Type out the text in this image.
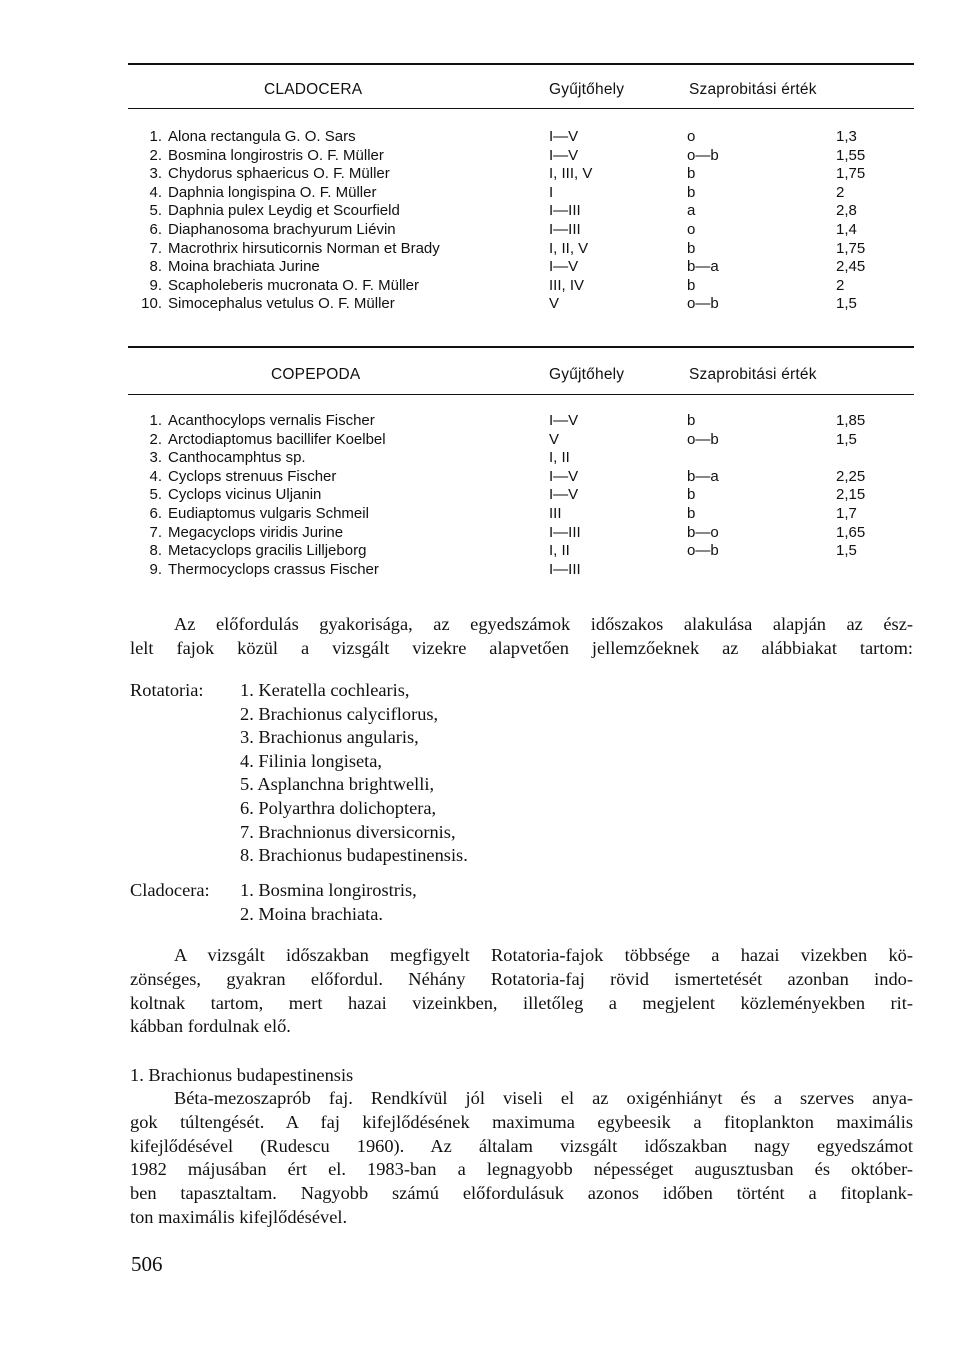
CLADOCERA	Gyűjtőhely	Szaprobitási érték
1. Alona rectangula G. O. Sars	I—V	o	1,3
2. Bosmina longirostris O. F. Müller	I—V	o—b	1,55
3. Chydorus sphaericus O. F. Müller	I, III, V	b	1,75
4. Daphnia longispina O. F. Müller	I	b	2
5. Daphnia pulex Leydig et Scourfield	I—III	a	2,8
6. Diaphanosoma brachyurum Liévin	I—III	o	1,4
7. Macrothrix hirsuticornis Norman et Brady	I, II, V	b	1,75
8. Moina brachiata Jurine	I—V	b—a	2,45
9. Scapholeberis mucronata O. F. Müller	III, IV	b	2
10. Simocephalus vetulus O. F. Müller	V	o—b	1,5
COPEPODA	Gyűjtőhely	Szaprobitási érték
1. Acanthocylops vernalis Fischer	I—V	b	1,85
2. Arctodiaptomus bacillifer Koelbel	V	o—b	1,5
3. Canthocamphtus sp.	I, II
4. Cyclops strenuus Fischer	I—V	b—a	2,25
5. Cyclops vicinus Uljanin	I—V	b	2,15
6. Eudiaptomus vulgaris Schmeil	III	b	1,7
7. Megacyclops viridis Jurine	I—III	b—o	1,65
8. Metacyclops gracilis Lilljeborg	I, II	o—b	1,5
9. Thermocyclops crassus Fischer	I—III
Az előfordulás gyakorisága, az egyedszámok időszakos alakulása alapján az ész-
lelt fajok közül a vizsgált vizekre alapvetően jellemzőeknek az alábbiakat tartom:
Rotatoria: 1. Keratella cochlearis,
2. Brachionus calyciflorus,
3. Brachionus angularis,
4. Filinia longiseta,
5. Asplanchna brightwelli,
6. Polyarthra dolichoptera,
7. Brachnionus diversicornis,
8. Brachionus budapestinensis.
Cladocera: 1. Bosmina longirostris,
2. Moina brachiata.
A vizsgált időszakban megfigyelt Rotatoria-fajok többsége a hazai vizekben kö-
zönséges, gyakran előfordul. Néhány Rotatoria-faj rövid ismertetését azonban indo-
koltnak tartom, mert hazai vizeinkben, illetőleg a megjelent közleményekben rit-
kábban fordulnak elő.
1. Brachionus budapestinensis
Béta-mezoszaprób faj. Rendkívül jól viseli el az oxigénhiányt és a szerves anya-
gok túltengését. A faj kifejlődésének maximuma egybeesik a fitoplankton maximális
kifejlődésével (Rudescu 1960). Az általam vizsgált időszakban nagy egyedszámot
1982 májusában ért el. 1983-ban a legnagyobb népességet augusztusban és október-
ben tapasztaltam. Nagyobb számú előfordulásuk azonos időben történt a fitoplank-
ton maximális kifejlődésével.
506
